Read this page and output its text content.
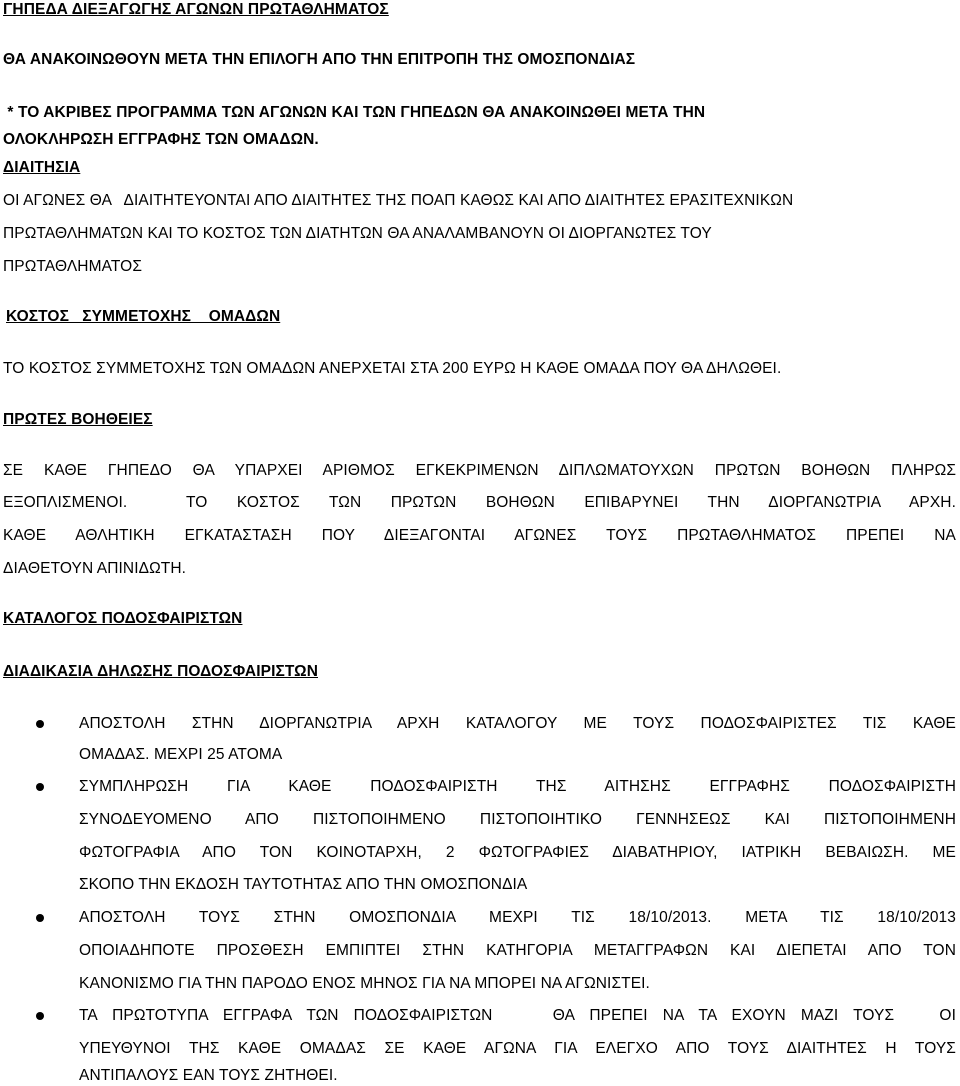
ΓΗΠΕΔΑ ΔΙΕΞΑΓΩΓΗΣ ΑΓΩΝΩΝ ΠΡΩΤΑΘΛΗΜΑΤΟΣ
ΘΑ ΑΝΑΚΟΙΝΩΘΟΥΝ ΜΕΤΑ ΤΗΝ ΕΠΙΛΟΓΗ ΑΠΟ ΤΗΝ ΕΠΙΤΡΟΠΗ ΤΗΣ ΟΜΟΣΠΟΝΔΙΑΣ
* ΤΟ ΑΚΡΙΒΕΣ ΠΡΟΓΡΑΜΜΑ ΤΩΝ ΑΓΩΝΩΝ ΚΑΙ ΤΩΝ ΓΗΠΕΔΩΝ ΘΑ ΑΝΑΚΟΙΝΩΘΕΙ ΜΕΤΑ ΤΗΝ
ΟΛΟΚΛΗΡΩΣΗ ΕΓΓΡΑΦΗΣ ΤΩΝ ΟΜΑΔΩΝ.
ΔΙΑΙΤΗΣΙΑ
ΟΙ ΑΓΩΝΕΣ ΘΑ   ΔΙΑΙΤΗΤΕΥΟΝΤΑΙ ΑΠΟ ΔΙΑΙΤΗΤΕΣ ΤΗΣ ΠΟΑΠ ΚΑΘΩΣ ΚΑΙ ΑΠΟ ΔΙΑΙΤΗΤΕΣ ΕΡΑΣΙΤΕΧΝΙΚΩΝ
ΠΡΩΤΑΘΛΗΜΑΤΩΝ ΚΑΙ ΤΟ ΚΟΣΤΟΣ ΤΩΝ ΔΙΑΤΗΤΩΝ ΘΑ ΑΝΑΛΑΜΒΑΝΟΥΝ ΟΙ ΔΙΟΡΓΑΝΩΤΕΣ ΤΟΥ
ΠΡΩΤΑΘΛΗΜΑΤΟΣ
ΚΟΣΤΟΣ   ΣΥΜΜΕΤΟΧΗΣ    ΟΜΑΔΩΝ
ΤΟ ΚΟΣΤΟΣ ΣΥΜΜΕΤΟΧΗΣ ΤΩΝ ΟΜΑΔΩΝ ΑΝΕΡΧΕΤΑΙ ΣΤΑ 200 ΕΥΡΩ Η ΚΑΘΕ ΟΜΑΔΑ ΠΟΥ ΘΑ ΔΗΛΩΘΕΙ.
ΠΡΩΤΕΣ ΒΟΗΘΕΙΕΣ
ΣΕ ΚΑΘΕ ΓΗΠΕΔΟ ΘΑ ΥΠΑΡΧΕΙ ΑΡΙΘΜΟΣ ΕΓΚΕΚΡΙΜΕΝΩΝ ΔΙΠΛΩΜΑΤΟΥΧΩΝ ΠΡΩΤΩΝ ΒΟΗΘΩΝ ΠΛΗΡΩΣ
ΕΞΟΠΛΙΣΜΕΝΟΙ.  ΤΟ ΚΟΣΤΟΣ ΤΩΝ ΠΡΩΤΩΝ ΒΟΗΘΩΝ ΕΠΙΒΑΡΥΝΕΙ ΤΗΝ ΔΙΟΡΓΑΝΩΤΡΙΑ ΑΡΧΗ.
ΚΑΘΕ ΑΘΛΗΤΙΚΗ ΕΓΚΑΤΑΣΤΑΣΗ ΠΟΥ ΔΙΕΞΑΓΟΝΤΑΙ ΑΓΩΝΕΣ ΤΟΥΣ ΠΡΩΤΑΘΛΗΜΑΤΟΣ ΠΡΕΠΕΙ ΝΑ
ΔΙΑΘΕΤΟΥΝ ΑΠΙΝΙΔΩΤΗ.
ΚΑΤΑΛΟΓΟΣ ΠΟΔΟΣΦΑΙΡΙΣΤΩΝ
ΔΙΑΔΙΚΑΣΙΑ ΔΗΛΩΣΗΣ ΠΟΔΟΣΦΑΙΡΙΣΤΩΝ
ΑΠΟΣΤΟΛΗ ΣΤΗΝ ΔΙΟΡΓΑΝΩΤΡΙΑ ΑΡΧΗ ΚΑΤΑΛΟΓΟΥ ΜΕ ΤΟΥΣ ΠΟΔΟΣΦΑΙΡΙΣΤΕΣ ΤΙΣ ΚΑΘΕ
ΟΜΑΔΑΣ. ΜΕΧΡΙ 25 ΑΤΟΜΑ
ΣΥΜΠΛΗΡΩΣΗ ΓΙΑ ΚΑΘΕ ΠΟΔΟΣΦΑΙΡΙΣΤΗ ΤΗΣ ΑΙΤΗΣΗΣ ΕΓΓΡΑΦΗΣ ΠΟΔΟΣΦΑΙΡΙΣΤΗ
ΣΥΝΟΔΕΥΟΜΕΝΟ ΑΠΟ ΠΙΣΤΟΠΟΙΗΜΕΝΟ ΠΙΣΤΟΠΟΙΗΤΙΚΟ ΓΕΝΝΗΣΕΩΣ ΚΑΙ ΠΙΣΤΟΠΟΙΗΜΕΝΗ
ΦΩΤΟΓΡΑΦΙΑ ΑΠΟ ΤΟΝ ΚΟΙΝΟΤΑΡΧΗ, 2 ΦΩΤΟΓΡΑΦΙΕΣ ΔΙΑΒΑΤΗΡΙΟΥ, ΙΑΤΡΙΚΗ ΒΕΒΑΙΩΣΗ. ΜΕ
ΣΚΟΠΟ ΤΗΝ ΕΚΔΟΣΗ ΤΑΥΤΟΤΗΤΑΣ ΑΠΟ ΤΗΝ ΟΜΟΣΠΟΝΔΙΑ
ΑΠΟΣΤΟΛΗ ΤΟΥΣ ΣΤΗΝ ΟΜΟΣΠΟΝΔΙΑ ΜΕΧΡΙ ΤΙΣ 18/10/2013. ΜΕΤΑ ΤΙΣ 18/10/2013
ΟΠΟΙΑΔΗΠΟΤΕ ΠΡΟΣΘΕΣΗ ΕΜΠΙΠΤΕΙ ΣΤΗΝ ΚΑΤΗΓΟΡΙΑ ΜΕΤΑΓΓΡΑΦΩΝ ΚΑΙ ΔΙΕΠΕΤΑΙ ΑΠΟ ΤΟΝ
ΚΑΝΟΝΙΣΜΟ ΓΙΑ ΤΗΝ ΠΑΡΟΔΟ ΕΝΟΣ ΜΗΝΟΣ ΓΙΑ ΝΑ ΜΠΟΡΕΙ ΝΑ ΑΓΩΝΙΣΤΕΙ.
ΤΑ ΠΡΩΤΟΤΥΠΑ ΕΓΓΡΑΦΑ ΤΩΝ ΠΟΔΟΣΦΑΙΡΙΣΤΩΝ    ΘΑ ΠΡΕΠΕΙ ΝΑ ΤΑ ΕΧΟΥΝ ΜΑΖΙ ΤΟΥΣ   ΟΙ
ΥΠΕΥΘΥΝΟΙ ΤΗΣ ΚΑΘΕ ΟΜΑΔΑΣ ΣΕ ΚΑΘΕ ΑΓΩΝΑ ΓΙΑ ΕΛΕΓΧΟ ΑΠΟ ΤΟΥΣ ΔΙΑΙΤΗΤΕΣ Η ΤΟΥΣ
ΑΝΤΙΠΑΛΟΥΣ ΕΑΝ ΤΟΥΣ ΖΗΤΗΘΕΙ.
